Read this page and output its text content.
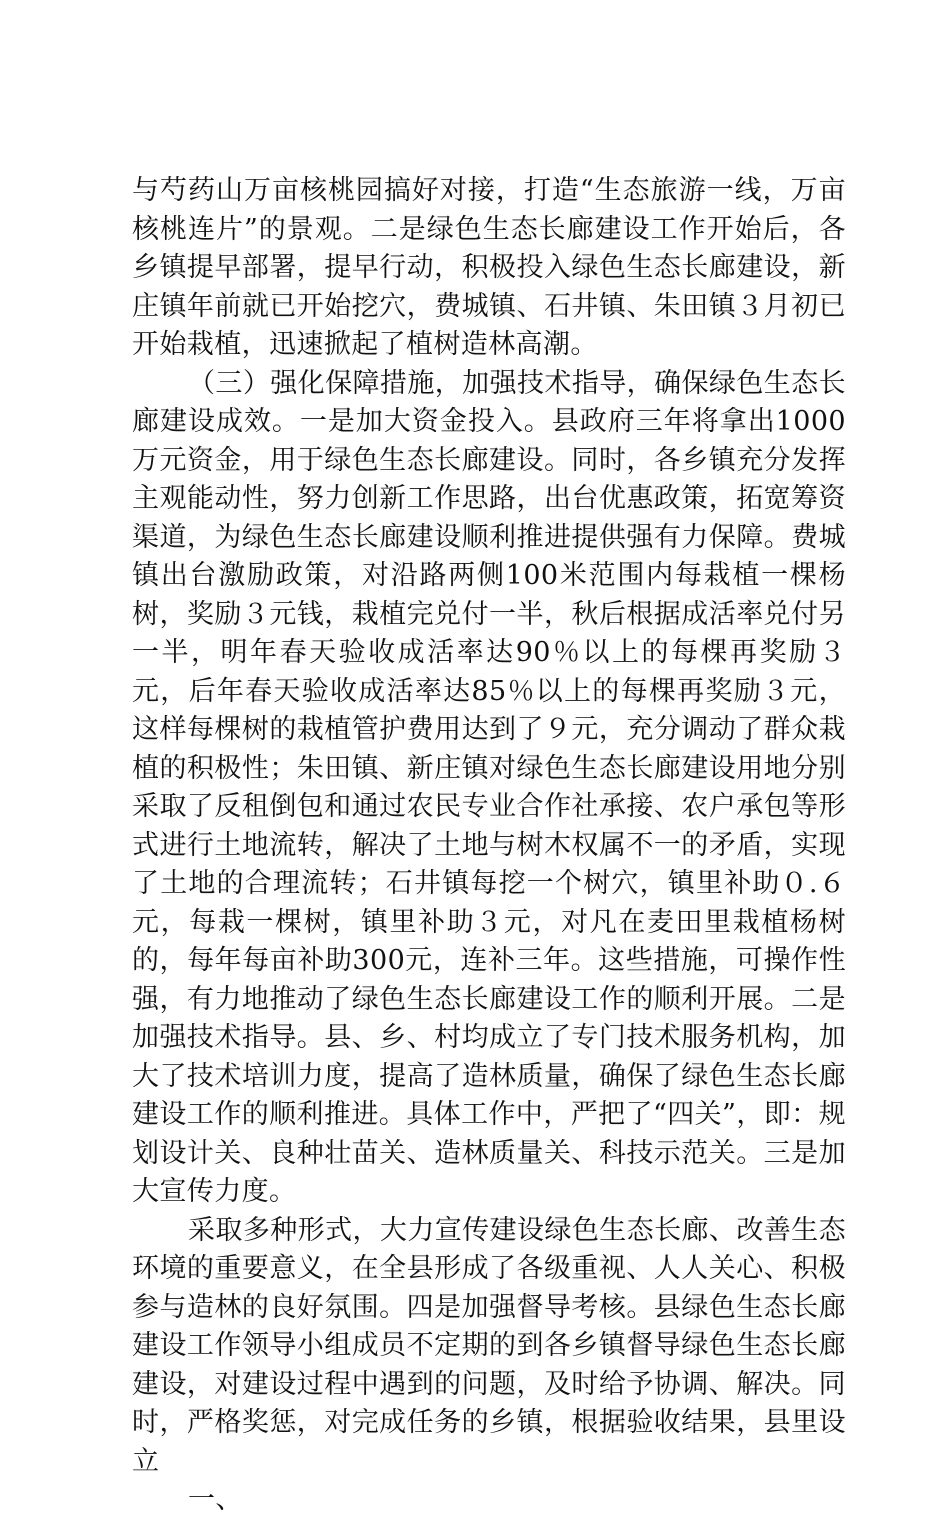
与芍药山万亩核桃园搞好对接，打造“生态旅游一线，万亩核桃连片”的景观。二是绿色生态长廊建设工作开始后，各乡镇提早部署，提早行动，积极投入绿色生态长廊建设，新庄镇年前就已开始挖穴，费城镇、石井镇、朱田镇３月初已开始栽植，迅速掀起了植树造林高潮。

（三）强化保障措施，加强技术指导，确保绿色生态长廊建设成效。一是加大资金投入。县政府三年将拿出1000万元资金，用于绿色生态长廊建设。同时，各乡镇充分发挥主观能动性，努力创新工作思路，出台优惠政策，拓宽筹资渠道，为绿色生态长廊建设顺利推进提供强有力保障。费城镇出台激励政策，对沿路两侧100米范围内每栽植一棵杨树，奖励３元钱，栽植完兑付一半，秋后根据成活率兑付另一半，明年春天验收成活率达90％以上的每棵再奖励３元，后年春天验收成活率达85％以上的每棵再奖励３元，这样每棵树的栽植管护费用达到了９元，充分调动了群众栽植的积极性；朱田镇、新庄镇对绿色生态长廊建设用地分别采取了反租倒包和通过农民专业合作社承接、农户承包等形式进行土地流转，解决了土地与树木权属不一的矛盾，实现了土地的合理流转；石井镇每挖一个树穴，镇里补助０.６元，每栽一棵树，镇里补助３元，对凡在麦田里栽植杨树的，每年每亩补助300元，连补三年。这些措施，可操作性强，有力地推动了绿色生态长廊建设工作的顺利开展。二是加强技术指导。县、乡、村均成立了专门技术服务机构，加大了技术培训力度，提高了造林质量，确保了绿色生态长廊建设工作的顺利推进。具体工作中，严把了“四关”，即：规划设计关、良种壮苗关、造林质量关、科技示范关。三是加大宣传力度。

采取多种形式，大力宣传建设绿色生态长廊、改善生态环境的重要意义，在全县形成了各级重视、人人关心、积极参与造林的良好氛围。四是加强督导考核。县绿色生态长廊建设工作领导小组成员不定期的到各乡镇督导绿色生态长廊建设，对建设过程中遇到的问题，及时给予协调、解决。同时，严格奖惩，对完成任务的乡镇，根据验收结果，县里设立

一、
